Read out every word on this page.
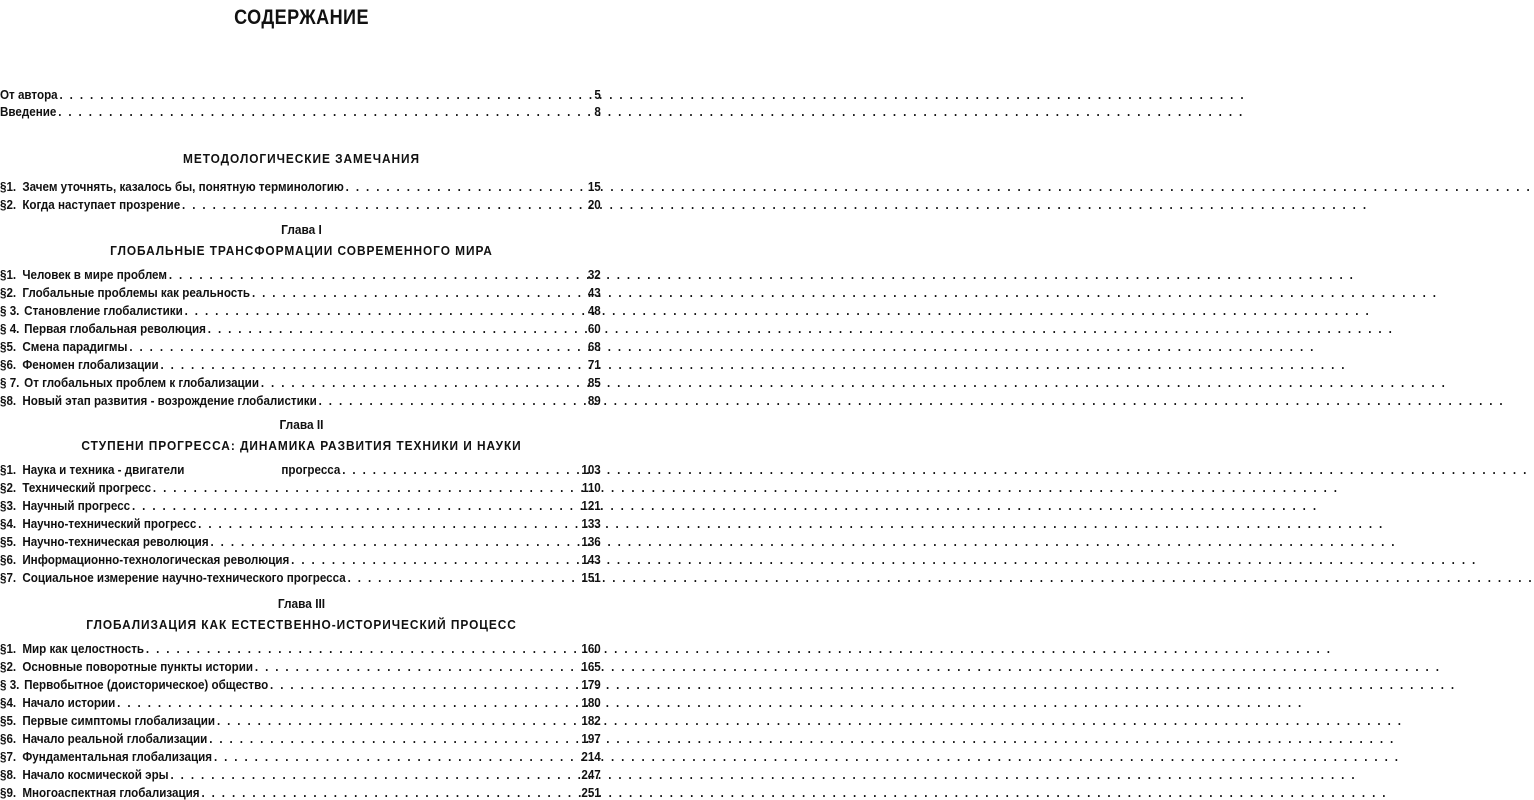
СОДЕРЖАНИЕ
От автора . . .	5
Введение . . .	8
МЕТОДОЛОГИЧЕСКИЕ ЗАМЕЧАНИЯ
§1. Зачем уточнять, казалось бы, понятную терминологию . . .	15
§2. Когда наступает прозрение . . .	20
Глава I
ГЛОБАЛЬНЫЕ ТРАНСФОРМАЦИИ СОВРЕМЕННОГО МИРА
§1. Человек в мире проблем . . .	32
§2. Глобальные проблемы как реальность . . .	43
§ 3. Становление глобалистики . . .	48
§ 4. Первая глобальная революция . . .	60
§5. Смена парадигмы . . .	68
§6. Феномен глобализации . . .	71
§ 7. От глобальных проблем к глобализации . . .	85
§8. Новый этап развития - возрождение глобалистики . . .	89
Глава II
СТУПЕНИ ПРОГРЕССА: ДИНАМИКА РАЗВИТИЯ ТЕХНИКИ И НАУКИ
§1. Наука и техника - двигатели                              прогресса . . .	103
§2. Технический прогресс . . .	110
§3. Научный прогресс . . .	121
§4. Научно-технический прогресс . . .	133
§5. Научно-техническая революция . . .	136
§6. Информационно-технологическая революция . . .	143
§7. Социальное измерение научно-технического прогресса . . .	151
Глава III
ГЛОБАЛИЗАЦИЯ КАК ЕСТЕСТВЕННО-ИСТОРИЧЕСКИЙ ПРОЦЕСС
§1. Мир как целостность . . .	160
§2. Основные поворотные пункты истории . . .	165
§ 3. Первобытное (доисторическое) общество . . .	179
§4. Начало истории . . .	180
§5. Первые симптомы глобализации . . .	182
§6. Начало реальной глобализации . . .	197
§7. Фундаментальная глобализация . . .	214
§8. Начало космической эры . . .	247
§9. Многоаспектная глобализация . . .	251
